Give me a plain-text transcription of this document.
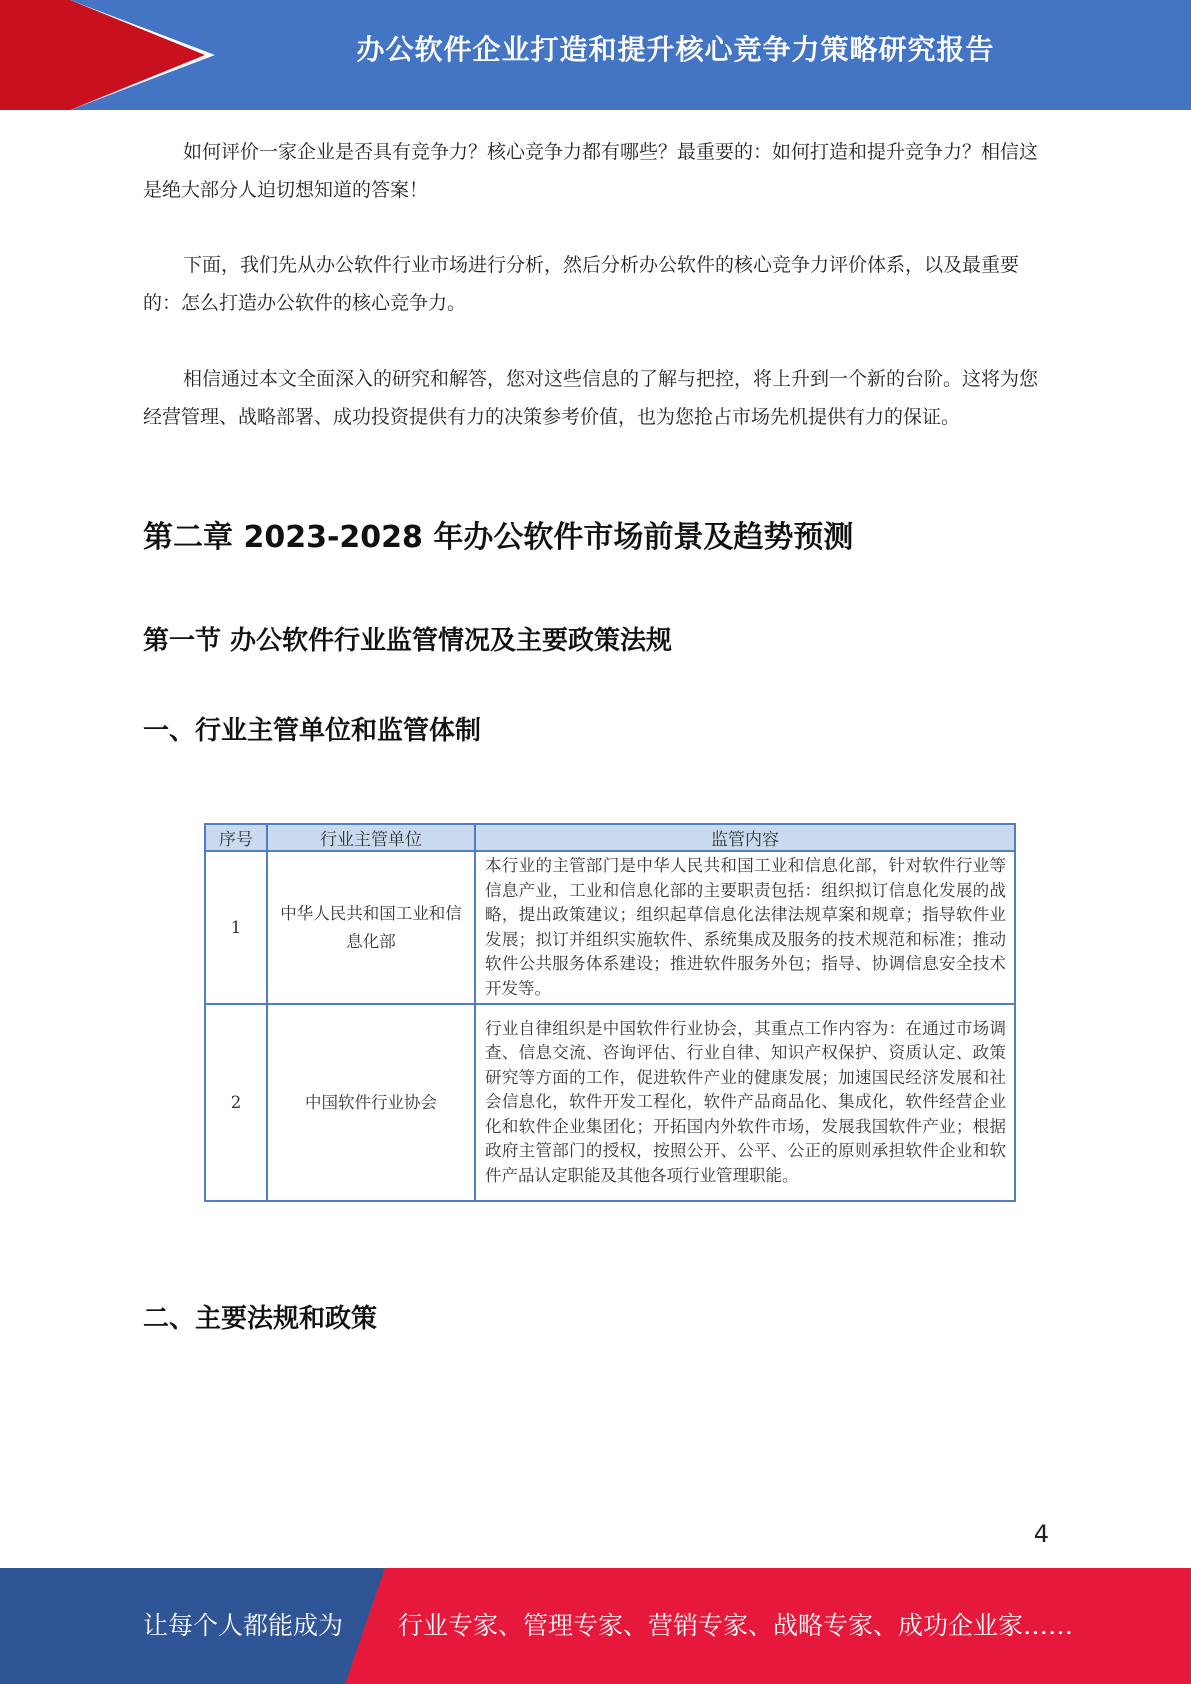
办公软件企业打造和提升核心竞争力策略研究报告

如何评价一家企业是否具有竞争力？核心竞争力都有哪些？最重要的：如何打造和提升竞争力？相信这是绝大部分人迫切想知道的答案！

下面，我们先从办公软件行业市场进行分析，然后分析办公软件的核心竞争力评价体系，以及最重要的：怎么打造办公软件的核心竞争力。

相信通过本文全面深入的研究和解答，您对这些信息的了解与把控，将上升到一个新的台阶。这将为您经营管理、战略部署、成功投资提供有力的决策参考价值，也为您抢占市场先机提供有力的保证。

第二章 2023-2028 年办公软件市场前景及趋势预测
第一节 办公软件行业监管情况及主要政策法规
一、行业主管单位和监管体制
序号	行业主管单位	监管内容
1	中华人民共和国工业和信息化部	本行业的主管部门是中华人民共和国工业和信息化部，针对软件行业等信息产业，工业和信息化部的主要职责包括：组织拟订信息化发展的战略，提出政策建议；组织起草信息化法律法规草案和规章；指导软件业发展；拟订并组织实施软件、系统集成及服务的技术规范和标准；推动软件公共服务体系建设；推进软件服务外包；指导、协调信息安全技术开发等。
2	中国软件行业协会	行业自律组织是中国软件行业协会，其重点工作内容为：在通过市场调查、信息交流、咨询评估、行业自律、知识产权保护、资质认定、政策研究等方面的工作，促进软件产业的健康发展；加速国民经济发展和社会信息化，软件开发工程化，软件产品商品化、集成化，软件经营企业化和软件企业集团化；开拓国内外软件市场，发展我国软件产业；根据政府主管部门的授权，按照公开、公平、公正的原则承担软件企业和软件产品认定职能及其他各项行业管理职能。
二、主要法规和政策
4
让每个人都能成为 行业专家、管理专家、营销专家、战略专家、成功企业家……
